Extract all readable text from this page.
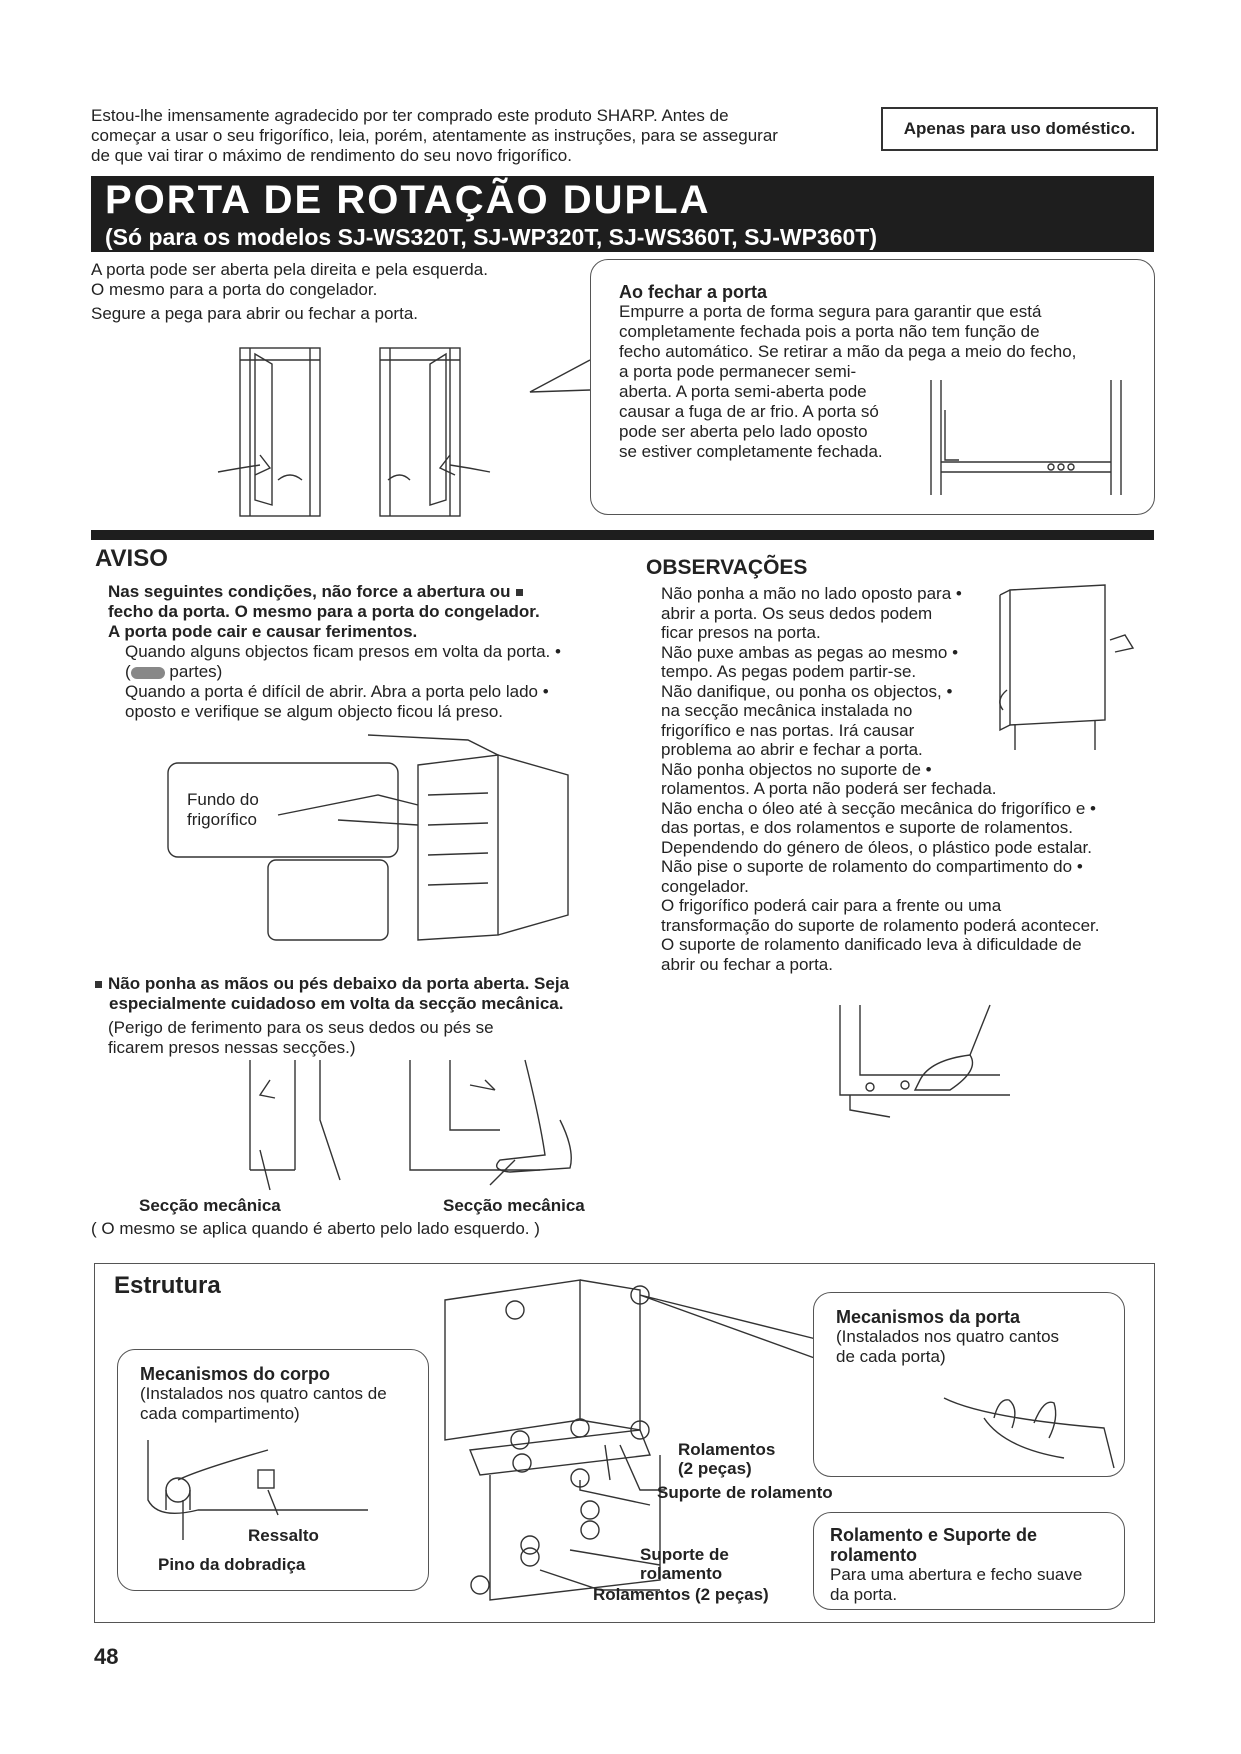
Estou-lhe imensamente agradecido por ter comprado este produto SHARP. Antes de
começar a usar o seu frigorífico, leia, porém, atentamente as instruções, para se assegurar
de que vai tirar o máximo de rendimento do seu novo frigorífico.
Apenas para uso doméstico.
PORTA DE ROTAÇÃO DUPLA
(Só para os modelos SJ-WS320T, SJ-WP320T, SJ-WS360T, SJ-WP360T)
A porta pode ser aberta pela direita e pela esquerda.
O mesmo para a porta do congelador.
Segure a pega para abrir ou fechar a porta.
Ao fechar a porta
Empurre a porta de forma segura para garantir que está
completamente fechada pois a porta não tem função de
fecho automático. Se retirar a mão da pega a meio do fecho,
a porta pode permanecer semi-
aberta. A porta semi-aberta pode
causar a fuga de ar frio. A porta só
pode ser aberta pelo lado oposto
se estiver completamente fechada.
AVISO
Nas seguintes condições, não force a abertura ou
fecho da porta. O mesmo para a porta do congelador.
A porta pode cair e causar ferimentos.
Quando alguns objectos ficam presos em volta da porta. •
( partes)
Quando a porta é difícil de abrir. Abra a porta pelo lado •
oposto e verifique se algum objecto ficou lá preso.
Fundo do
frigorífico
Não ponha as mãos ou pés debaixo da porta aberta. Seja
especialmente cuidadoso em volta da secção mecânica.
(Perigo de ferimento para os seus dedos ou pés se
ficarem presos nessas secções.)
Secção mecânica	Secção mecânica
( O mesmo se aplica quando é aberto pelo lado esquerdo. )
OBSERVAÇÕES
Não ponha a mão no lado oposto para •
abrir a porta. Os seus dedos podem
ficar presos na porta.
Não puxe ambas as pegas ao mesmo •
tempo. As pegas podem partir-se.
Não danifique, ou ponha os objectos, •
na secção mecânica instalada no
frigorífico e nas portas. Irá causar
problema ao abrir e fechar a porta.
Não ponha objectos no suporte de •
rolamentos. A porta não poderá ser fechada.
Não encha o óleo até à secção mecânica do frigorífico e •
das portas, e dos rolamentos e suporte de rolamentos.
Dependendo do género de óleos, o plástico pode estalar.
Não pise o suporte de rolamento do compartimento do •
congelador.
O frigorífico poderá cair para a frente ou uma
transformação do suporte de rolamento poderá acontecer.
O suporte de rolamento danificado leva à dificuldade de
abrir ou fechar a porta.
Estrutura
Mecanismos do corpo
(Instalados nos quatro cantos de
cada compartimento)
Ressalto
Pino da dobradiça
Rolamentos
(2 peças)
Suporte de rolamento
Suporte de
rolamento
Rolamentos (2 peças)
Mecanismos da porta
(Instalados nos quatro cantos
de cada porta)
Rolamento e Suporte de
rolamento
Para uma abertura e fecho suave
da porta.
48
